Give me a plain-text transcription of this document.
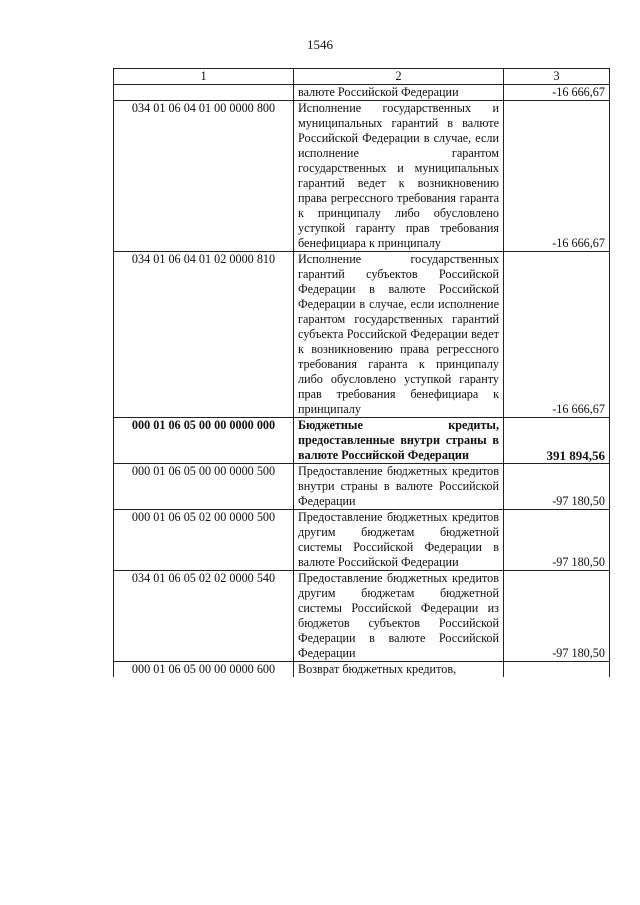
1546
1	2	3
	валюте Российской Федерации	-16 666,67
034 01 06 04 01 00 0000 800	Исполнение государственных и муниципальных гарантий в валюте Российской Федерации в случае, если исполнение гарантом государственных и муниципальных гарантий ведет к возникновению права регрессного требования гаранта к принципалу либо обусловлено уступкой гаранту прав требования бенефициара к принципалу	-16 666,67
034 01 06 04 01 02 0000 810	Исполнение государственных гарантий субъектов Российской Федерации в валюте Российской Федерации в случае, если исполнение гарантом государственных гарантий субъекта Российской Федерации ведет к возникновению права регрессного требования гаранта к принципалу либо обусловлено уступкой гаранту прав требования бенефициара к принципалу	-16 666,67
000 01 06 05 00 00 0000 000	Бюджетные кредиты, предоставленные внутри страны в валюте Российской Федерации	391 894,56
000 01 06 05 00 00 0000 500	Предоставление бюджетных кредитов внутри страны в валюте Российской Федерации	-97 180,50
000 01 06 05 02 00 0000 500	Предоставление бюджетных кредитов другим бюджетам бюджетной системы Российской Федерации в валюте Российской Федерации	-97 180,50
034 01 06 05 02 02 0000 540	Предоставление бюджетных кредитов другим бюджетам бюджетной системы Российской Федерации из бюджетов субъектов Российской Федерации в валюте Российской Федерации	-97 180,50
000 01 06 05 00 00 0000 600	Возврат бюджетных кредитов,	
